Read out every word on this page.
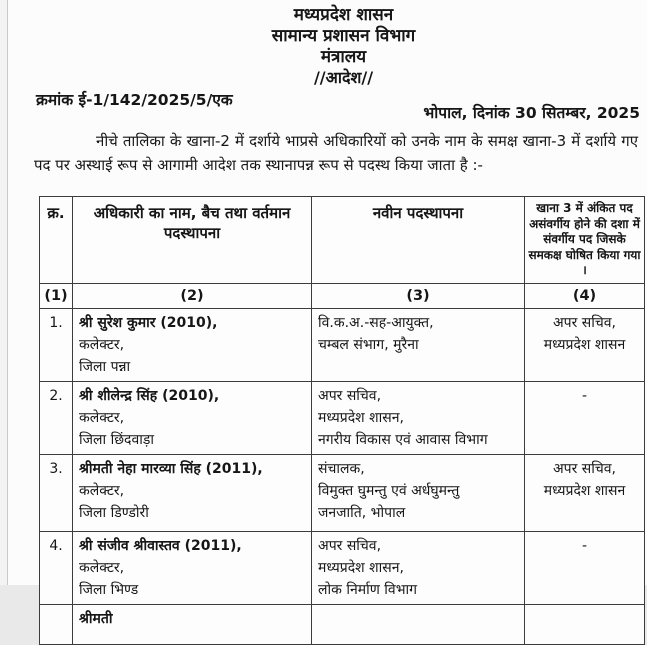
मध्यप्रदेश शासन
सामान्य प्रशासन विभाग
मंत्रालय
//आदेश//
क्रमांक ई-1/142/2025/5/एक
भोपाल, दिनांक 30 सितम्बर, 2025
नीचे तालिका के खाना-2 में दर्शाये भाप्रसे अधिकारियों को उनके नाम के समक्ष खाना-3 में दर्शाये गए पद पर अस्थाई रूप से आगामी आदेश तक स्थानापन्न रूप से पदस्थ किया जाता है :-
क्र.	अधिकारी का नाम, बैच तथा वर्तमान पदस्थापना	नवीन पदस्थापना	खाना 3 में अंकित पद असंवर्गीय होने की दशा में संवर्गीय पद जिसके समकक्ष घोषित किया गया ।
(1)	(2)	(3)	(4)
1.	श्री सुरेश कुमार (2010),
कलेक्टर,
जिला पन्ना	वि.क.अ.-सह-आयुक्त,
चम्बल संभाग, मुरैना	अपर सचिव,
मध्यप्रदेश शासन

2.	श्री शीलेन्द्र सिंह (2010),
कलेक्टर,
जिला छिंदवाड़ा	अपर सचिव,
मध्यप्रदेश शासन,
नगरीय विकास एवं आवास विभाग	-

3.	श्रीमती नेहा मारव्या सिंह (2011),
कलेक्टर,
जिला डिण्डोरी	संचालक,
विमुक्त घुमन्तु एवं अर्धघुमन्तु
जनजाति, भोपाल	अपर सचिव,
मध्यप्रदेश शासन

4.	श्री संजीव श्रीवास्तव (2011),
कलेक्टर,
जिला भिण्ड	अपर सचिव,
मध्यप्रदेश शासन,
लोक निर्माण विभाग	-

	श्रीमती		
